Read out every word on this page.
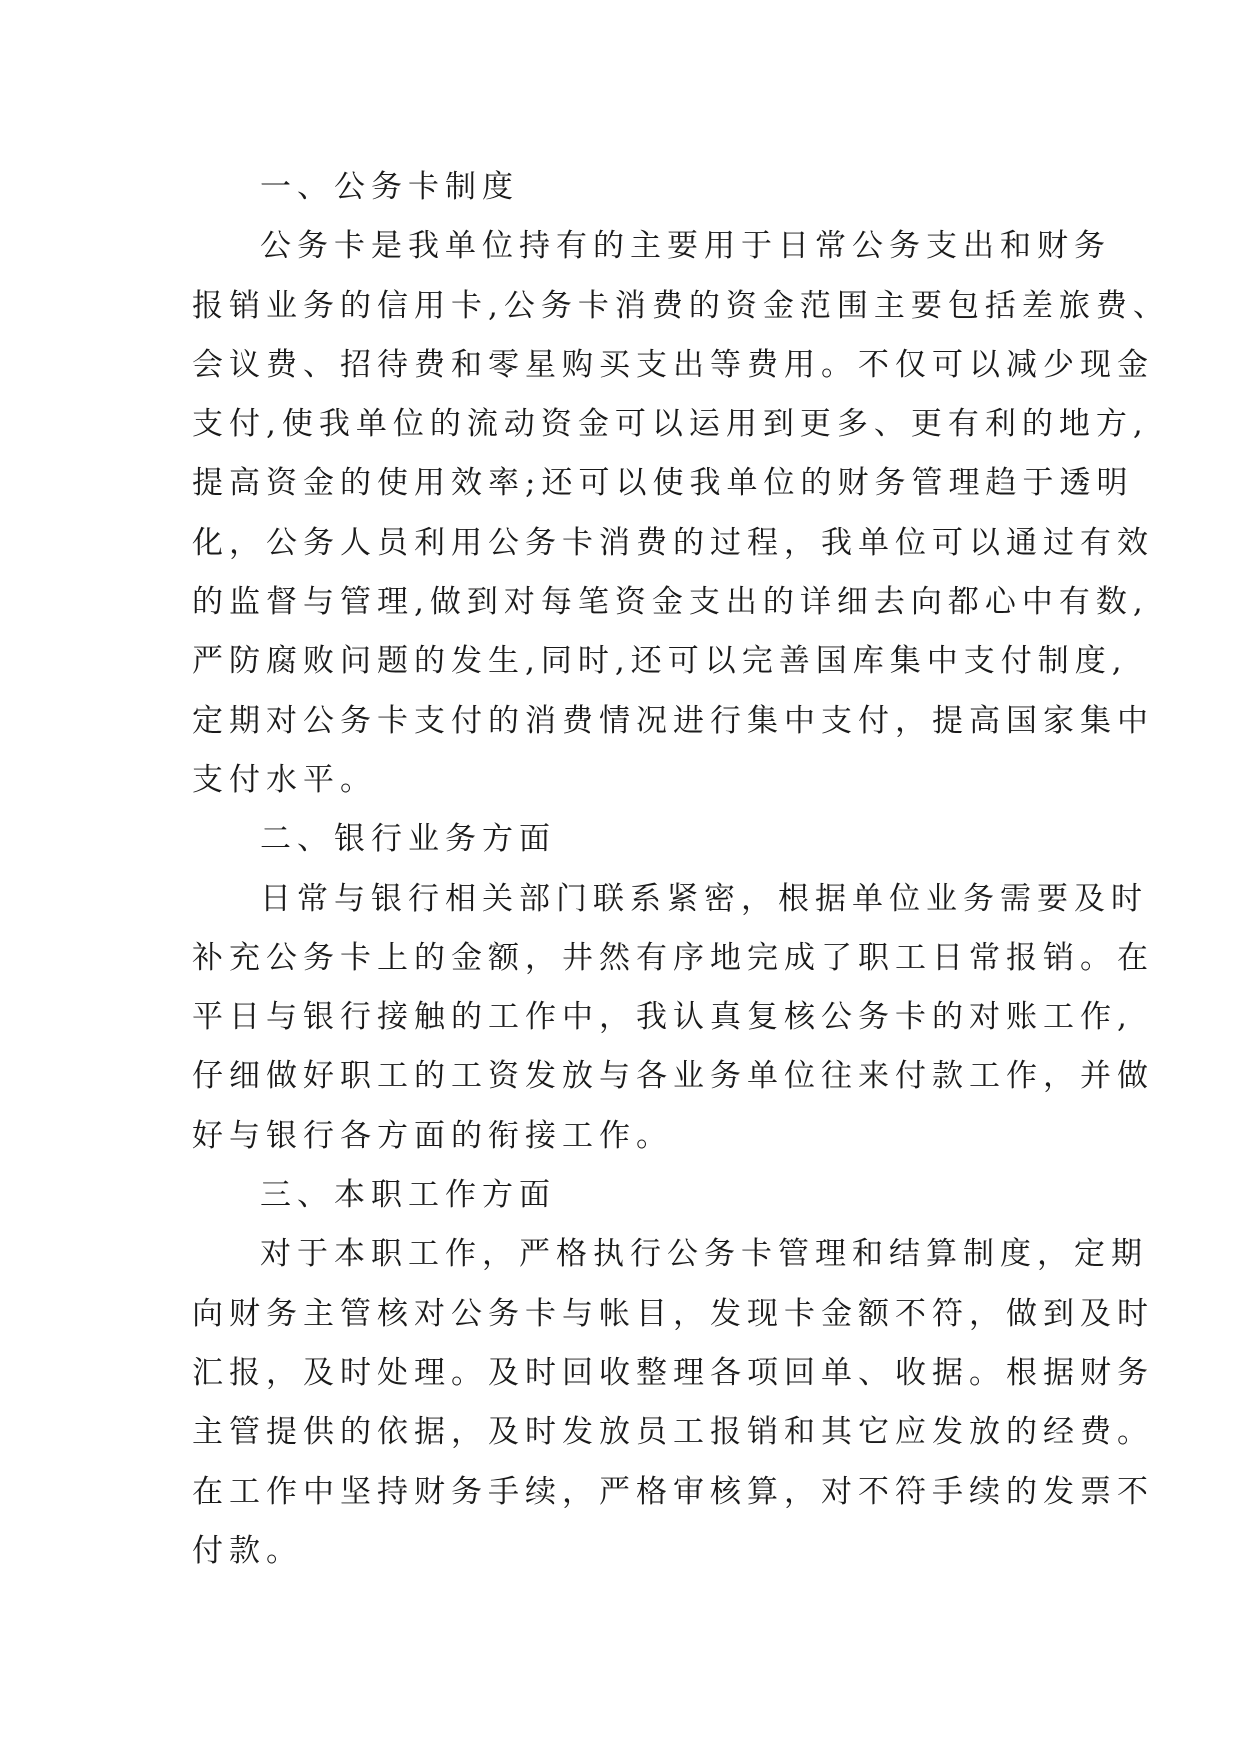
一、公务卡制度
公务卡是我单位持有的主要用于日常公务支出和财务
报销业务的信用卡,公务卡消费的资金范围主要包括差旅费、
会议费、招待费和零星购买支出等费用。不仅可以减少现金
支付,使我单位的流动资金可以运用到更多、更有利的地方,
提高资金的使用效率;还可以使我单位的财务管理趋于透明
化，公务人员利用公务卡消费的过程，我单位可以通过有效
的监督与管理,做到对每笔资金支出的详细去向都心中有数,
严防腐败问题的发生,同时,还可以完善国库集中支付制度,
定期对公务卡支付的消费情况进行集中支付，提高国家集中
支付水平。
二、银行业务方面
日常与银行相关部门联系紧密，根据单位业务需要及时
补充公务卡上的金额，井然有序地完成了职工日常报销。在
平日与银行接触的工作中，我认真复核公务卡的对账工作,
仔细做好职工的工资发放与各业务单位往来付款工作，并做
好与银行各方面的衔接工作。
三、本职工作方面
对于本职工作，严格执行公务卡管理和结算制度，定期
向财务主管核对公务卡与帐目，发现卡金额不符，做到及时
汇报，及时处理。及时回收整理各项回单、收据。根据财务
主管提供的依据，及时发放员工报销和其它应发放的经费。
在工作中坚持财务手续，严格审核算，对不符手续的发票不
付款。
